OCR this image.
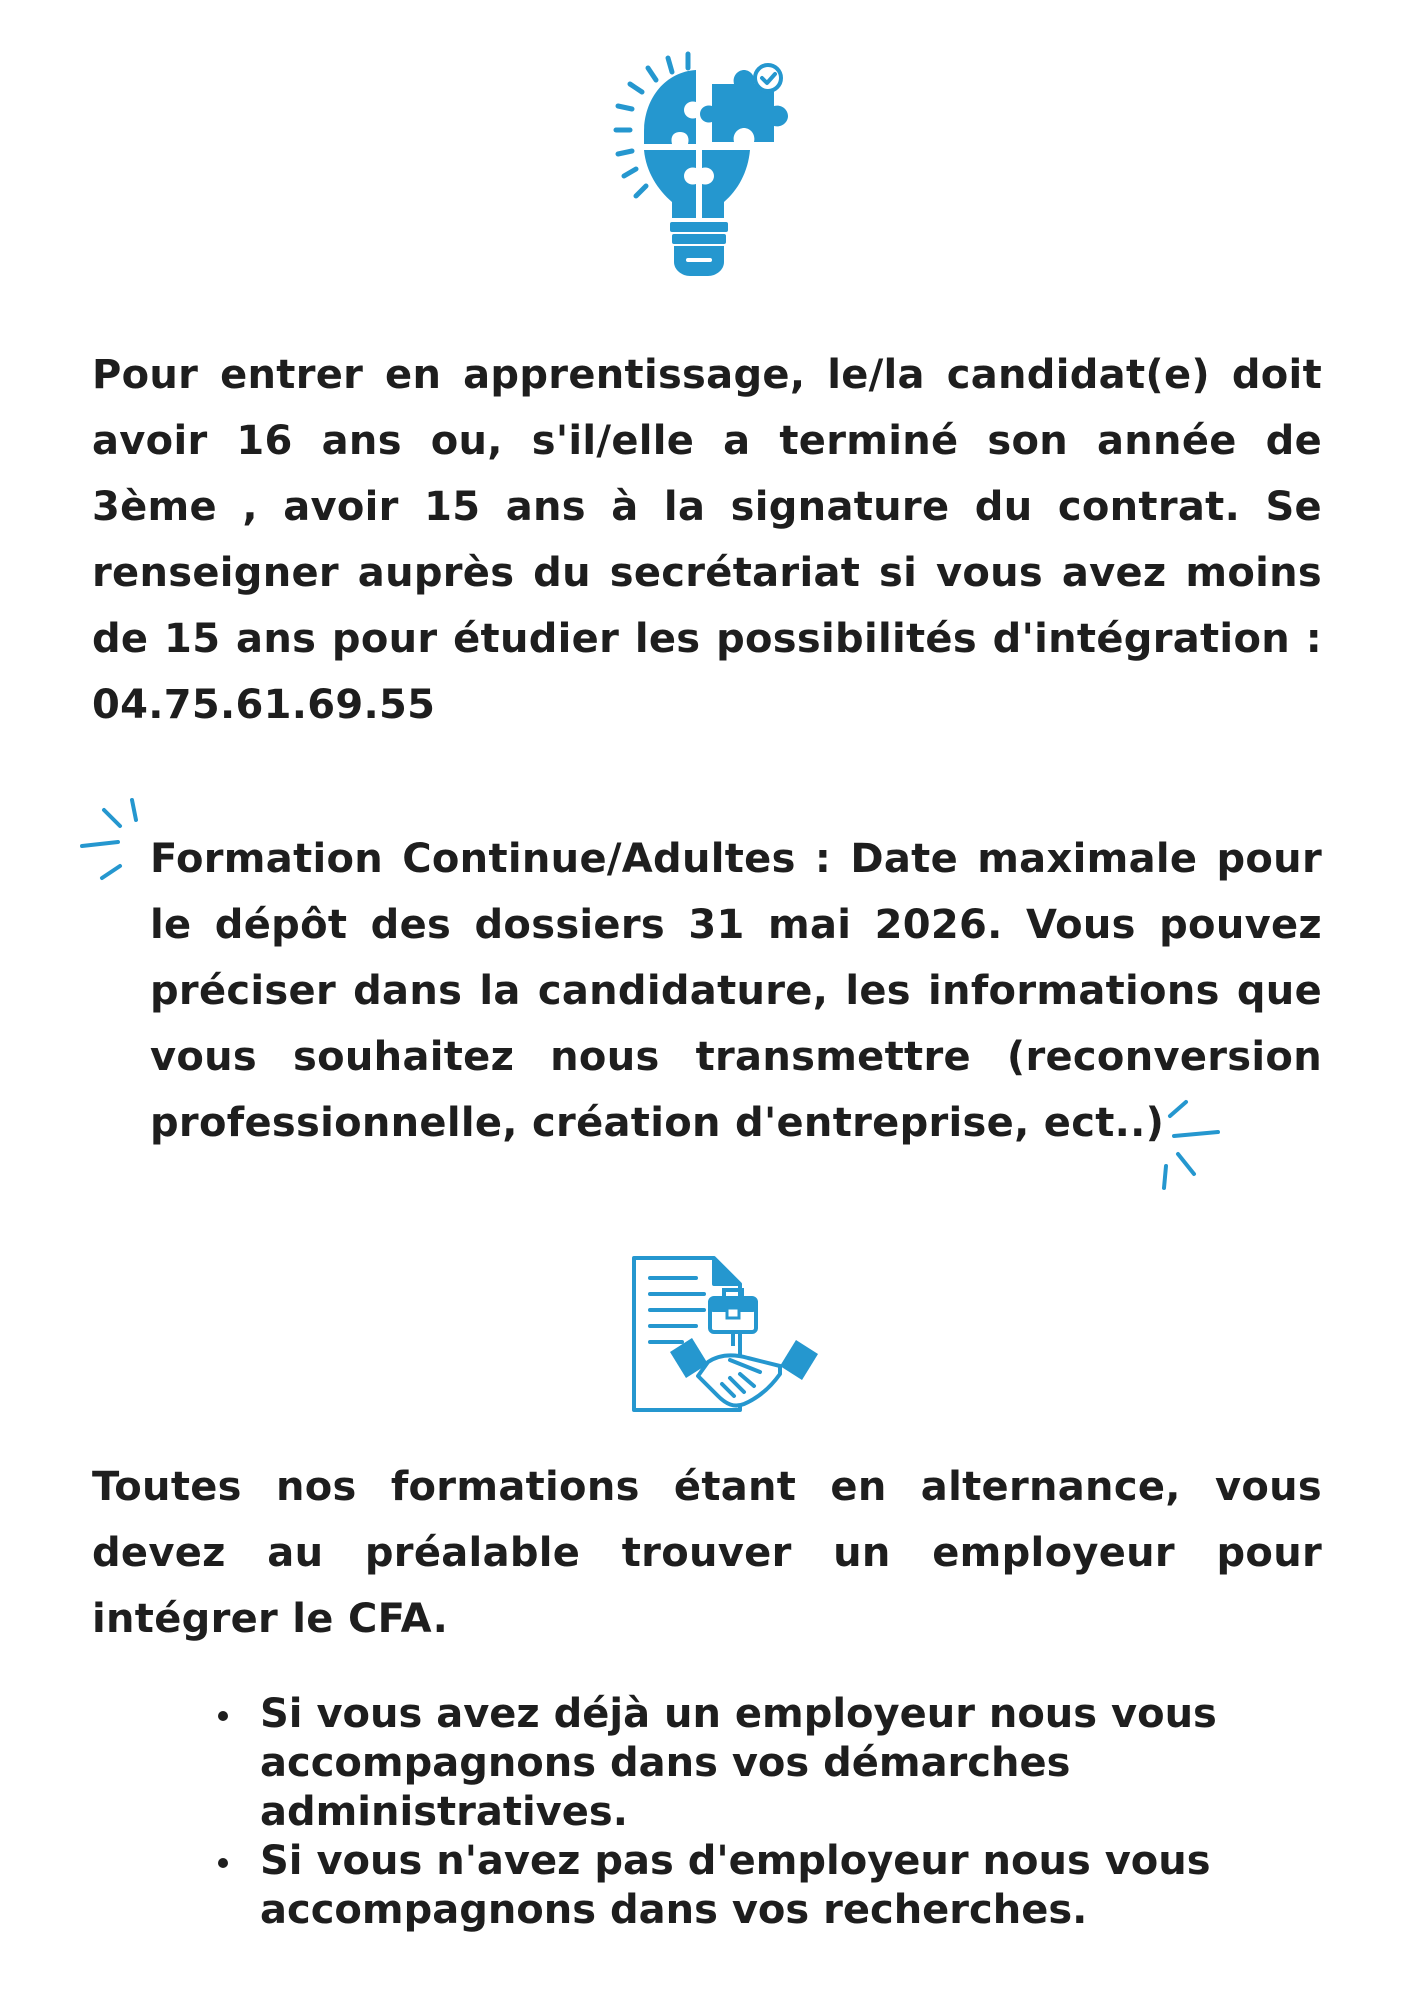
Pour entrer en apprentissage, le/la candidat(e) doit avoir 16 ans ou, s'il/elle a terminé son année de 3ème , avoir 15 ans à la signature du contrat. Se renseigner auprès du secrétariat si vous avez moins de 15 ans pour étudier les possibilités d'intégration : 04.75.61.69.55

Formation Continue/Adultes : Date maximale pour le dépôt des dossiers 31 mai 2026. Vous pouvez préciser dans la candidature, les informations que vous souhaitez nous transmettre (reconversion professionnelle, création d'entreprise, ect..)

Toutes nos formations étant en alternance, vous devez au préalable trouver un employeur pour intégrer le CFA.

Si vous avez déjà un employeur nous vous accompagnons dans vos démarches administratives.
Si vous n'avez pas d'employeur nous vous accompagnons dans vos recherches.
